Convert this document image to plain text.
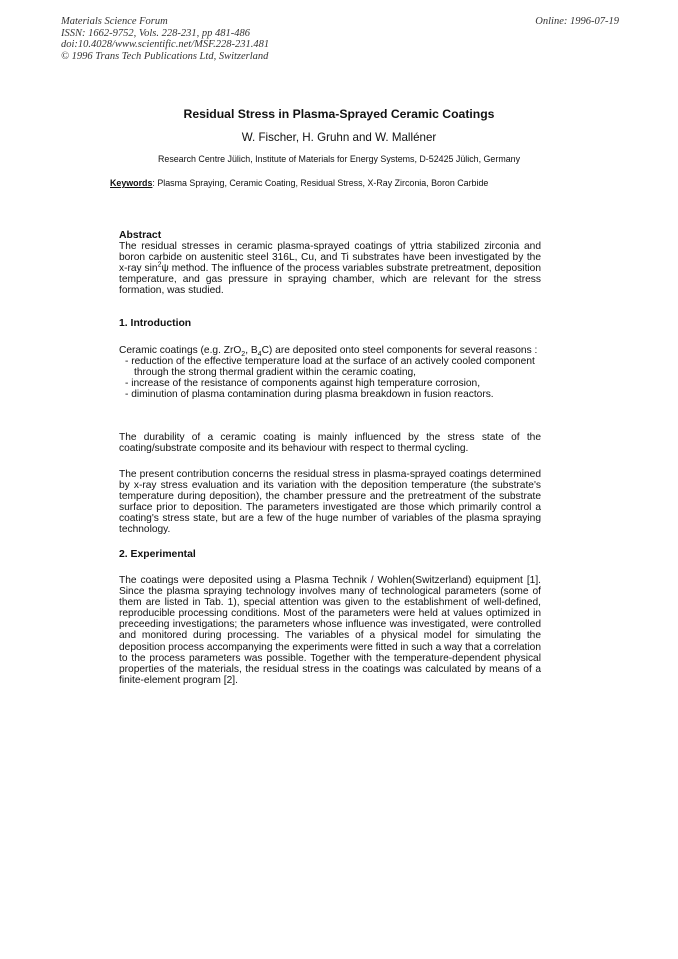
Materials Science Forum
ISSN: 1662-9752, Vols. 228-231, pp 481-486
doi:10.4028/www.scientific.net/MSF.228-231.481
© 1996 Trans Tech Publications Ltd, Switzerland
Online: 1996-07-19
Residual Stress in Plasma-Sprayed Ceramic Coatings
W. Fischer, H. Gruhn and W. Malléner
Research Centre Jülich, Institute of Materials for Energy Systems, D-52425 Jülich, Germany
Keywords: Plasma Spraying, Ceramic Coating, Residual Stress, X-Ray Zirconia, Boron Carbide
Abstract
The residual stresses in ceramic plasma-sprayed coatings of yttria stabilized zirconia and boron carbide on austenitic steel 316L, Cu, and Ti substrates have been investigated by the x-ray $\sin^2\psi$ method. The influence of the process variables substrate pretreatment, deposition temperature, and gas pressure in spraying chamber, which are relevant for the stress formation, was studied.
1. Introduction
Ceramic coatings (e.g. ZrO$_2$, $B_4C$) are deposited onto steel components for several reasons :
- reduction of the effective temperature load at the surface of an actively cooled component through the strong thermal gradient within the ceramic coating,
- increase of the resistance of components against high temperature corrosion,
- diminution of plasma contamination during plasma breakdown in fusion reactors.
The durability of a ceramic coating is mainly influenced by the stress state of the coating/substrate composite and its behaviour with respect to thermal cycling.
The present contribution concerns the residual stress in plasma-sprayed coatings determined by x-ray stress evaluation and its variation with the deposition temperature (the substrate's temperature during deposition), the chamber pressure and the pretreatment of the substrate surface prior to deposition. The parameters investigated are those which primarily control a coating's stress state, but are a few of the huge number of variables of the plasma spraying technology.
2. Experimental
The coatings were deposited using a Plasma Technik / Wohlen(Switzerland) equipment [1]. Since the plasma spraying technology involves many of technological parameters (some of them are listed in Tab. 1), special attention was given to the establishment of well-defined, reproducible processing conditions. Most of the parameters were held at values optimized in preceeding investigations; the parameters whose influence was investigated, were controlled and monitored during processing. The variables of a physical model for simulating the deposition process accompanying the experiments were fitted in such a way that a correlation to the process parameters was possible. Together with the temperature-dependent physical properties of the materials, the residual stress in the coatings was calculated by means of a finite-element program [2].
